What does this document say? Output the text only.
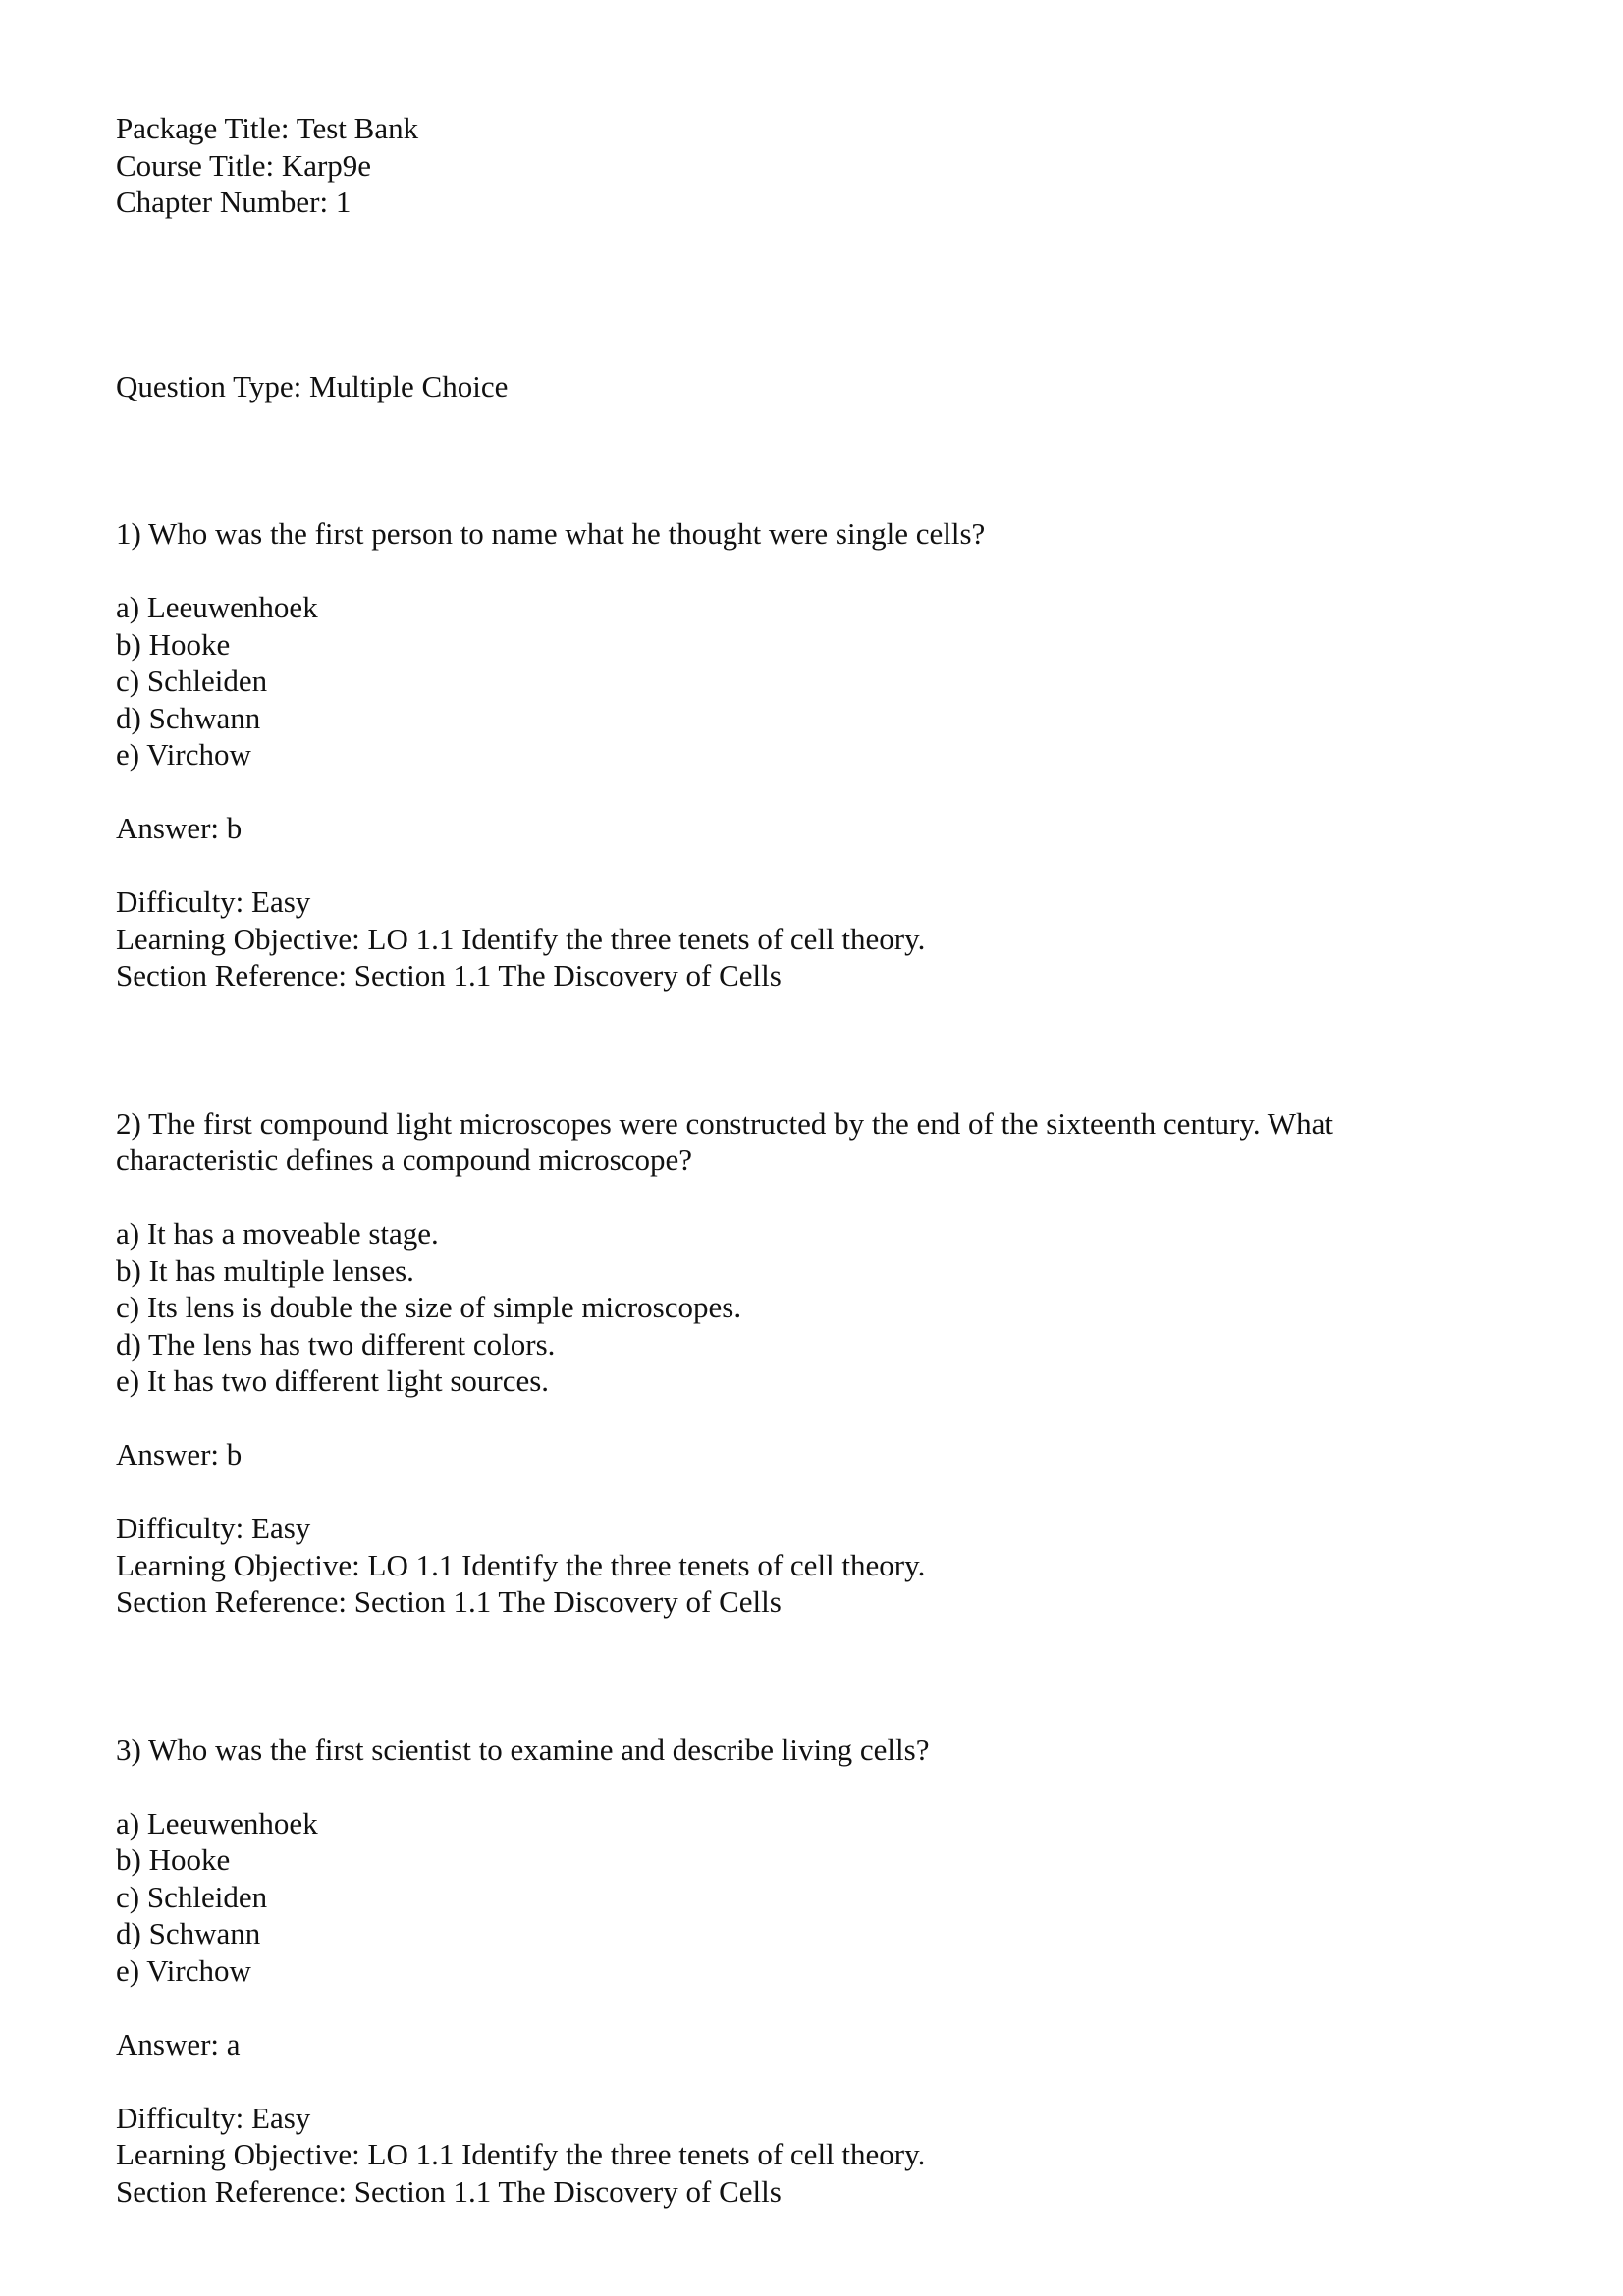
Package Title: Test Bank
Course Title: Karp9e
Chapter Number: 1
Question Type: Multiple Choice
1) Who was the first person to name what he thought were single cells?
a) Leeuwenhoek
b) Hooke
c) Schleiden
d) Schwann
e) Virchow
Answer: b
Difficulty: Easy
Learning Objective: LO 1.1 Identify the three tenets of cell theory.
Section Reference: Section 1.1 The Discovery of Cells
2) The first compound light microscopes were constructed by the end of the sixteenth century. What
characteristic defines a compound microscope?
a) It has a moveable stage.
b) It has multiple lenses.
c) Its lens is double the size of simple microscopes.
d) The lens has two different colors.
e) It has two different light sources.
Answer: b
Difficulty: Easy
Learning Objective: LO 1.1 Identify the three tenets of cell theory.
Section Reference: Section 1.1 The Discovery of Cells
3) Who was the first scientist to examine and describe living cells?
a) Leeuwenhoek
b) Hooke
c) Schleiden
d) Schwann
e) Virchow
Answer: a
Difficulty: Easy
Learning Objective: LO 1.1 Identify the three tenets of cell theory.
Section Reference: Section 1.1 The Discovery of Cells
